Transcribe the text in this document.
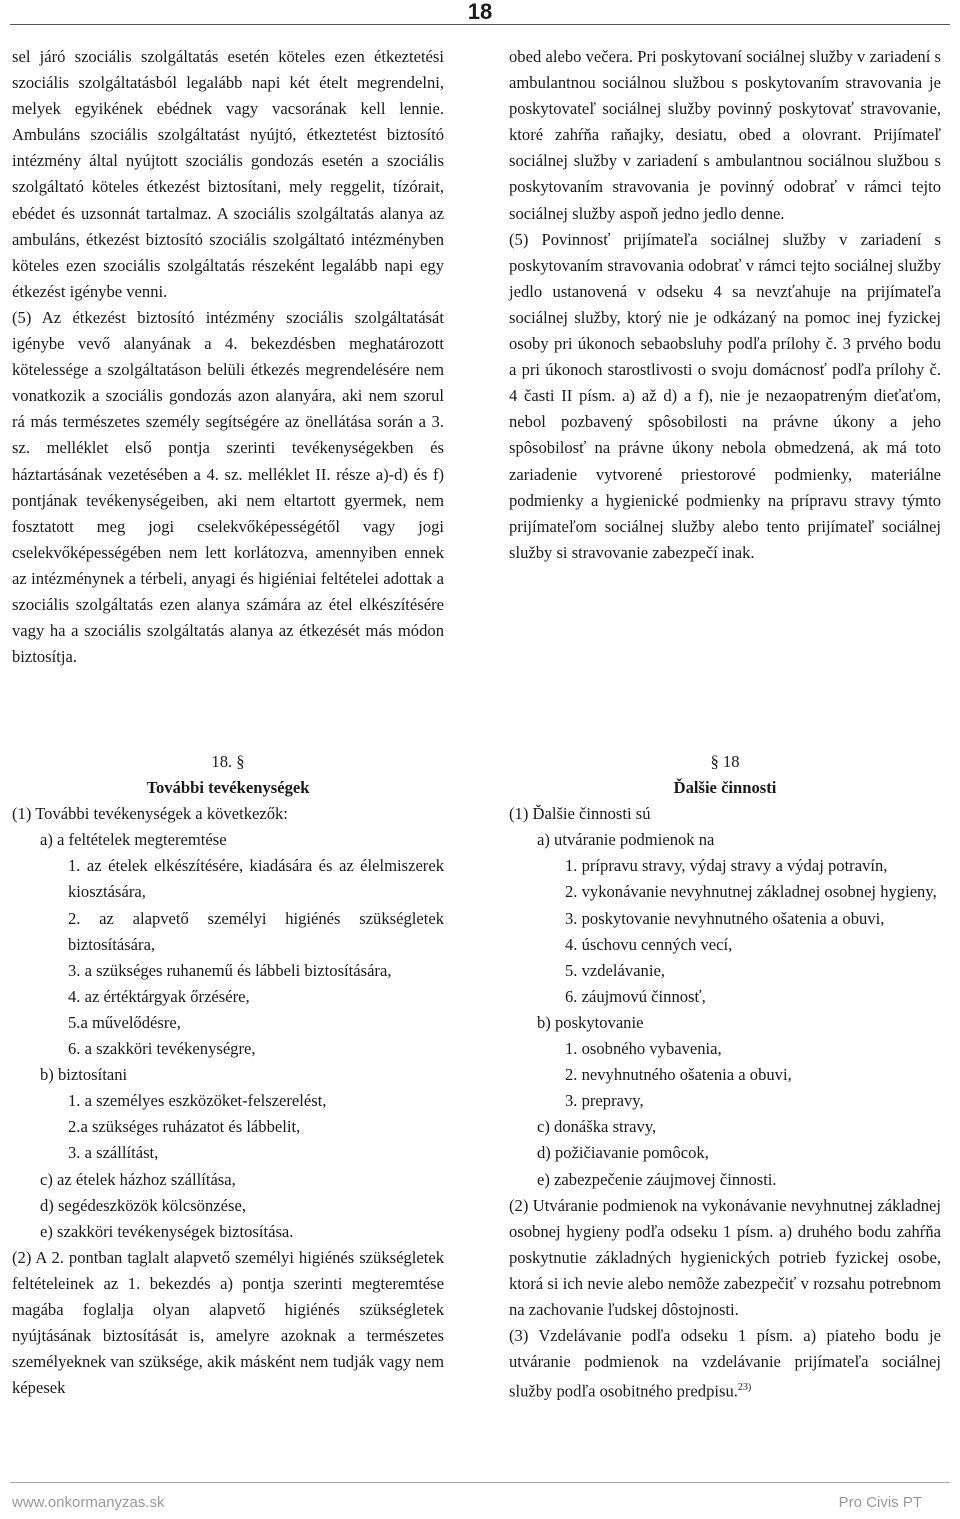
18

sel járó szociális szolgáltatás esetén köteles ezen étkeztetési szociális szolgáltatásból legalább napi két ételt megrendelni, melyek egyikének ebédnek vagy vacsorának kell lennie. Ambuláns szociális szolgáltatást nyújtó, étkeztetést biztosító intézmény által nyújtott szociális gondozás esetén a szociális szolgáltató köteles étkezést biztosítani, mely reggelit, tízórait, ebédet és uzsonnát tartalmaz. A szociális szolgáltatás alanya az ambuláns, étkezést biztosító szociális szolgáltató intézményben köteles ezen szociális szolgáltatás részeként legalább napi egy étkezést igénybe venni.

(5) Az étkezést biztosító intézmény szociális szolgáltatását igénybe vevő alanyának a 4. bekezdésben meghatározott kötelessége a szolgáltatáson belüli étkezés megrendelésére nem vonatkozik a szociális gondozás azon alanyára, aki nem szorul rá más természetes személy segítségére az önellátása során a 3. sz. melléklet első pontja szerinti tevékenységekben és háztartásának vezetésében a 4. sz. melléklet II. része a)-d) és f) pontjának tevékenységeiben, aki nem eltartott gyermek, nem fosztatott meg jogi cselekvőképességétől vagy jogi cselekvőképességében nem lett korlátozva, amennyiben ennek az intézménynek a térbeli, anyagi és higiéniai feltételei adottak a szociális szolgáltatás ezen alanya számára az étel elkészítésére vagy ha a szociális szolgáltatás alanya az étkezését más módon biztosítja.

obed alebo večera. Pri poskytovaní sociálnej služby v zariadení s ambulantnou sociálnou službou s poskytovaním stravovania je poskytovateľ sociálnej služby povinný poskytovať stravovanie, ktoré zahŕňa raňajky, desiatu, obed a olovrant. Prijímateľ sociálnej služby v zariadení s ambulantnou sociálnou službou s poskytovaním stravovania je povinný odobrať v rámci tejto sociálnej služby aspoň jedno jedlo denne.

(5) Povinnosť prijímateľa sociálnej služby v zariadení s poskytovaním stravovania odobrať v rámci tejto sociálnej služby jedlo ustanovená v odseku 4 sa nevzťahuje na prijímateľa sociálnej služby, ktorý nie je odkázaný na pomoc inej fyzickej osoby pri úkonoch sebaobsluhy podľa prílohy č. 3 prvého bodu a pri úkonoch starostlivosti o svoju domácnosť podľa prílohy č. 4 časti II písm. a) až d) a f), nie je nezaopatreným dieťaťom, nebol pozbavený spôsobilosti na právne úkony a jeho spôsobilosť na právne úkony nebola obmedzená, ak má toto zariadenie vytvorené priestorové podmienky, materiálne podmienky a hygienické podmienky na prípravu stravy týmto prijímateľom sociálnej služby alebo tento prijímateľ sociálnej služby si stravovanie zabezpečí inak.

18. §

További tevékenységek

(1) További tevékenységek a következők:

a) a feltételek megteremtése

1. az ételek elkészítésére, kiadására és az élelmiszerek kiosztására,

2. az alapvető személyi higiénés szükségletek biztosítására,

3. a szükséges ruhanemű és lábbeli biztosítására,

4. az értéktárgyak őrzésére,

5.a művelődésre,

6. a szakköri tevékenységre,

b) biztosítani

1. a személyes eszközöket-felszerelést,

2.a szükséges ruházatot és lábbelit,

3. a szállítást,

c) az ételek házhoz szállítása,

d) segédeszközök kölcsönzése,

e) szakköri tevékenységek biztosítása.

(2) A 2. pontban taglalt alapvető személyi higiénés szükségletek feltételeinek az 1. bekezdés a) pontja szerinti megteremtése magába foglalja olyan alapvető higiénés szükségletek nyújtásának biztosítását is, amelyre azoknak a természetes személyeknek van szüksége, akik másként nem tudják vagy nem képesek

§ 18

Ďalšie činnosti

(1) Ďalšie činnosti sú

a) utváranie podmienok na

1. prípravu stravy, výdaj stravy a výdaj potravín,

2. vykonávanie nevyhnutnej základnej osobnej hygieny,

3. poskytovanie nevyhnutného ošatenia a obuvi,

4. úschovu cenných vecí,

5. vzdelávanie,

6. záujmovú činnosť,

b) poskytovanie

1. osobného vybavenia,

2. nevyhnutného ošatenia a obuvi,

3. prepravy,

c) donáška stravy,

d) požičiavanie pomôcok,

e) zabezpečenie záujmovej činnosti.

(2) Utváranie podmienok na vykonávanie nevyhnutnej základnej osobnej hygieny podľa odseku 1 písm. a) druhého bodu zahŕňa poskytnutie základných hygienických potrieb fyzickej osobe, ktorá si ich nevie alebo nemôže zabezpečiť v rozsahu potrebnom na zachovanie ľudskej dôstojnosti.

(3) Vzdelávanie podľa odseku 1 písm. a) piateho bodu je utváranie podmienok na vzdelávanie prijímateľa sociálnej služby podľa osobitného predpisu.$^{23)}$

www.onkormanyzas.sk	Pro Civis PT
